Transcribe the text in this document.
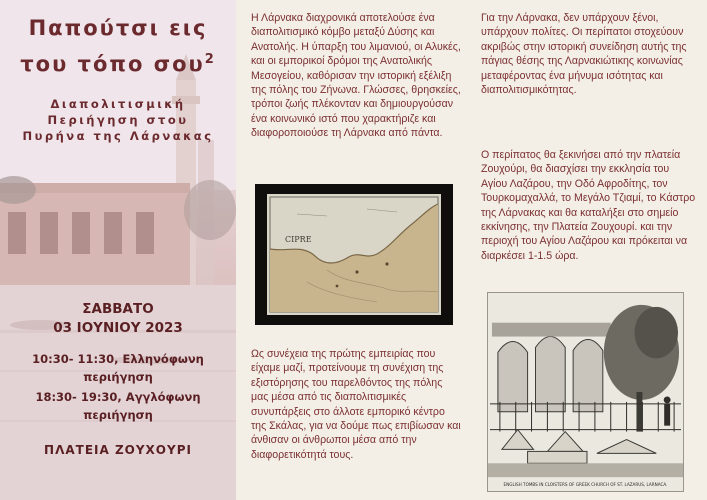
Παπούτσι εις
του τόπο σου$^2$
Διαπολιτισμική
Περιήγηση στου
Πυρήνα της Λάρνακας
ΣΑΒΒΑΤΟ
03 ΙΟΥΝΙΟΥ 2023
10:30- 11:30, Ελληνόφωνη
περιήγηση
18:30- 19:30, Αγγλόφωνη
περιήγηση
ΠΛΑΤΕΙΑ ΖΟΥΧΟΥΡΙ

Η Λάρνακα διαχρονικά αποτελούσε ένα διαπολιτισμικό κόμβο μεταξύ Δύσης και Ανατολής. Η ύπαρξη του λιμανιού, οι Αλυκές, και οι εμπορικοί δρόμοι της Ανατολικής Μεσογείου, καθόρισαν την ιστορική εξέλιξη της πόλης του Ζήνωνα. Γλώσσες, θρησκείες, τρόποι ζωής πλέκονταν και δημιουργούσαν ένα κοινωνικό ιστό που χαρακτήριζε και διαφοροποιούσε τη Λάρνακα από πάντα.

CIPRE

Ως συνέχεια της πρώτης εμπειρίας που είχαμε μαζί, προτείνουμε τη συνέχιση της εξιστόρησης του παρελθόντος της πόλης μας μέσα από τις διαπολιτισμικές συνυπάρξεις στο άλλοτε εμπορικό κέντρο της Σκάλας, για να δούμε πως επιβίωσαν και άνθισαν οι άνθρωποι μέσα από την διαφορετικότητά τους.

Για την Λάρνακα, δεν υπάρχουν ξένοι, υπάρχουν πολίτες. Οι περίπατοι στοχεύουν ακριβώς στην ιστορική συνείδηση αυτής της πάγιας θέσης της Λαρνακιώτικης κοινωνίας μεταφέροντας ένα μήνυμα ισότητας και διαπολιτισμικότητας.

Ο περίπατος θα ξεκινήσει από την πλατεία Ζουχούρι, θα διασχίσει την εκκλησία του Αγίου Λαζάρου, την Οδό Αφροδίτης, τον Τουρκομαχαλλά, το Μεγάλο Τζιαμί, το Κάστρο της Λάρνακας και θα καταλήξει στο σημείο εκκίνησης, την Πλατεία Ζουχουρί. και την περιοχή του Αγίου Λαζάρου και πρόκειται να διαρκέσει 1-1.5 ώρα.

ENGLISH TOMBS IN CLOISTERS OF GREEK CHURCH OF ST. LAZARUS, LARNACA.
